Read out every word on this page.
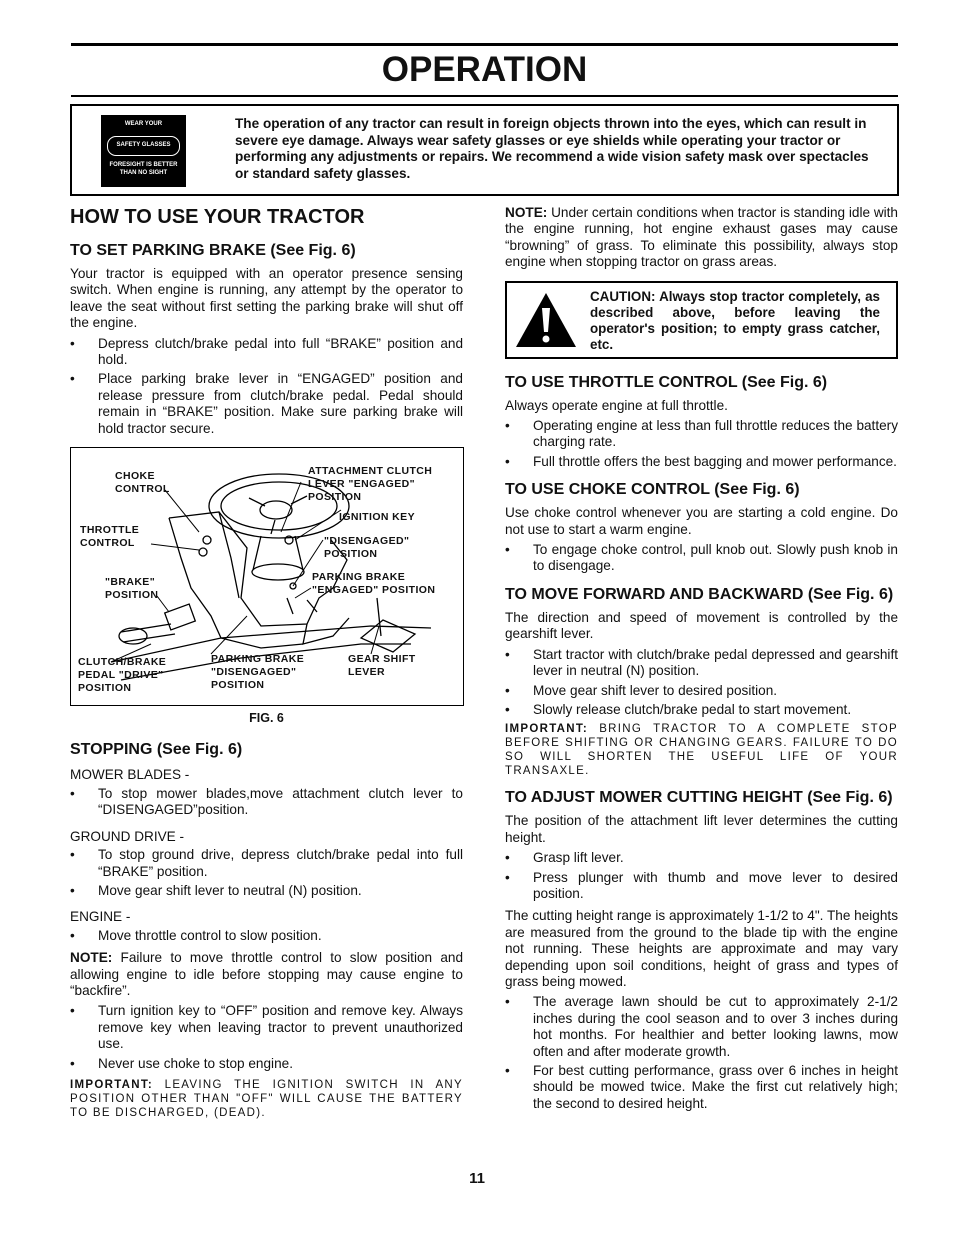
OPERATION
WEAR YOUR
SAFETY GLASSES
FORESIGHT IS BETTER
THAN NO SIGHT
The operation of any tractor can result in foreign objects thrown into the eyes, which can result in severe eye damage. Always wear safety glasses or eye shields while operating your tractor or performing any adjustments or repairs. We recommend a wide vision safety mask over spectacles or standard safety glasses.
HOW TO USE YOUR TRACTOR
TO SET PARKING BRAKE (See Fig. 6)

Your tractor is equipped with an operator presence sensing switch. When engine is running, any attempt by the operator to leave the seat without first setting the parking brake will shut off the engine.

• Depress clutch/brake pedal into full “BRAKE” position and hold.
• Place parking brake lever in “ENGAGED” position and release pressure from clutch/brake pedal. Pedal should remain in “BRAKE” position. Make sure parking brake will hold tractor secure.
CHOKE
CONTROL
THROTTLE
CONTROL
"BRAKE"
POSITION
CLUTCH/BRAKE
PEDAL "DRIVE"
POSITION
ATTACHMENT CLUTCH
LEVER "ENGAGED"
POSITION
IGNITION KEY
"DISENGAGED"
POSITION
PARKING BRAKE
"ENGAGED" POSITION
PARKING BRAKE
"DISENGAGED"
POSITION
GEAR SHIFT
LEVER
FIG. 6
STOPPING (See Fig. 6)
MOWER BLADES -
• To stop mower blades,move attachment clutch lever to “DISENGAGED”position.
GROUND DRIVE -
• To stop ground drive, depress clutch/brake pedal into full “BRAKE” position.
• Move gear shift lever to neutral (N) position.
ENGINE -
• Move throttle control to slow position.

NOTE: Failure to move throttle control to slow position and allowing engine to idle before stopping may cause engine to “backfire”.

• Turn ignition key to “OFF” position and remove key. Always remove key when leaving tractor to prevent unauthorized use.
• Never use choke to stop engine.

IMPORTANT: LEAVING THE IGNITION SWITCH IN ANY POSITION OTHER THAN "OFF" WILL CAUSE THE BATTERY TO BE DISCHARGED, (DEAD).

NOTE: Under certain conditions when tractor is standing idle with the engine running, hot engine exhaust gases may cause “browning” of grass. To eliminate this possibility, always stop engine when stopping tractor on grass areas.

CAUTION: Always stop tractor completely, as described above, before leaving the operator's position; to empty grass catcher, etc.
TO USE THROTTLE CONTROL (See Fig. 6)

Always operate engine at full throttle.

• Operating engine at less than full throttle reduces the battery charging rate.
• Full throttle offers the best bagging and mower performance.
TO USE CHOKE CONTROL (See Fig. 6)

Use choke control whenever you are starting a cold engine. Do not use to start a warm engine.

• To engage choke control, pull knob out. Slowly push knob in to disengage.
TO MOVE FORWARD AND BACKWARD (See Fig. 6)

The direction and speed of movement is controlled by the gearshift lever.

• Start tractor with clutch/brake pedal depressed and gearshift lever in neutral (N) position.
• Move gear shift lever to desired position.
• Slowly release clutch/brake pedal to start movement.

IMPORTANT: BRING TRACTOR TO A COMPLETE STOP BEFORE SHIFTING OR CHANGING GEARS. FAILURE TO DO SO WILL SHORTEN THE USEFUL LIFE OF YOUR TRANSAXLE.

TO ADJUST MOWER CUTTING HEIGHT (See Fig. 6)

The position of the attachment lift lever determines the cutting height.

• Grasp lift lever.
• Press plunger with thumb and move lever to desired position.

The cutting height range is approximately 1-1/2 to 4". The heights are measured from the ground to the blade tip with the engine not running. These heights are approximate and may vary depending upon soil conditions, height of grass and types of grass being mowed.

• The average lawn should be cut to approximately 2-1/2 inches during the cool season and to over 3 inches during hot months. For healthier and better looking lawns, mow often and after moderate growth.
• For best cutting performance, grass over 6 inches in height should be mowed twice. Make the first cut relatively high; the second to desired height.
11
